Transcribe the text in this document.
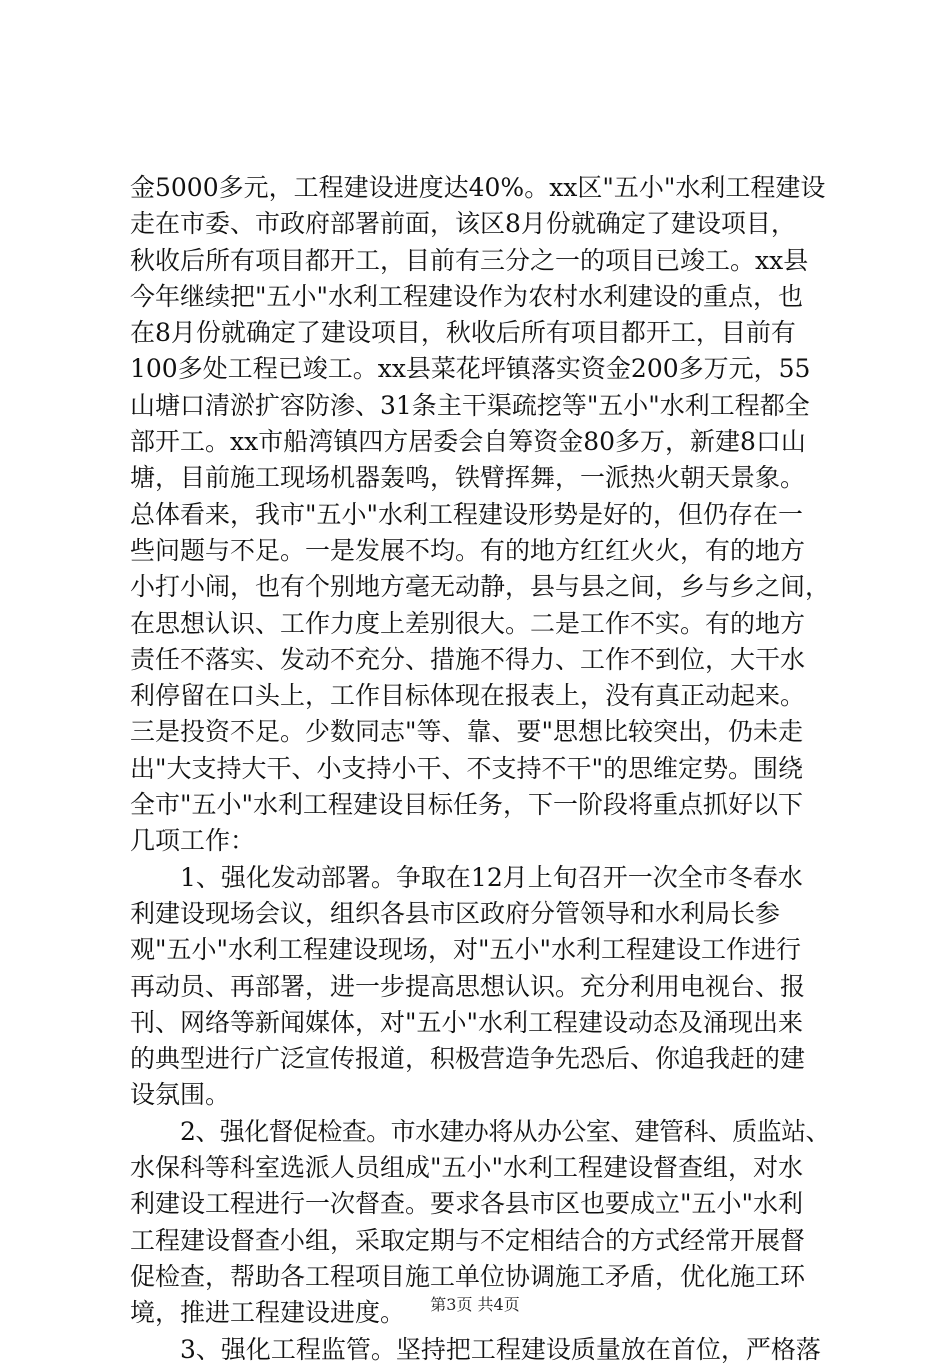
金5000多元，工程建设进度达40%。xx区"五小"水利工程建设
走在市委、市政府部署前面，该区8月份就确定了建设项目，
秋收后所有项目都开工，目前有三分之一的项目已竣工。xx县
今年继续把"五小"水利工程建设作为农村水利建设的重点，也
在8月份就确定了建设项目，秋收后所有项目都开工，目前有
100多处工程已竣工。xx县菜花坪镇落实资金200多万元，55
山塘口清淤扩容防渗、31条主干渠疏挖等"五小"水利工程都全
部开工。xx市船湾镇四方居委会自筹资金80多万，新建8口山
塘，目前施工现场机器轰鸣，铁臂挥舞，一派热火朝天景象。
总体看来，我市"五小"水利工程建设形势是好的，但仍存在一
些问题与不足。一是发展不均。有的地方红红火火，有的地方
小打小闹，也有个别地方毫无动静，县与县之间，乡与乡之间，
在思想认识、工作力度上差别很大。二是工作不实。有的地方
责任不落实、发动不充分、措施不得力、工作不到位，大干水
利停留在口头上，工作目标体现在报表上，没有真正动起来。
三是投资不足。少数同志"等、靠、要"思想比较突出，仍未走
出"大支持大干、小支持小干、不支持不干"的思维定势。围绕
全市"五小"水利工程建设目标任务，下一阶段将重点抓好以下
几项工作：
1、强化发动部署。争取在12月上旬召开一次全市冬春水
利建设现场会议，组织各县市区政府分管领导和水利局长参
观"五小"水利工程建设现场，对"五小"水利工程建设工作进行
再动员、再部署，进一步提高思想认识。充分利用电视台、报
刊、网络等新闻媒体，对"五小"水利工程建设动态及涌现出来
的典型进行广泛宣传报道，积极营造争先恐后、你追我赶的建
设氛围。
2、强化督促检查。市水建办将从办公室、建管科、质监站、
水保科等科室选派人员组成"五小"水利工程建设督查组，对水
利建设工程进行一次督查。要求各县市区也要成立"五小"水利
工程建设督查小组，采取定期与不定相结合的方式经常开展督
促检查，帮助各工程项目施工单位协调施工矛盾，优化施工环
境，推进工程建设进度。
3、强化工程监管。坚持把工程建设质量放在首位，严格落
第3页 共4页
